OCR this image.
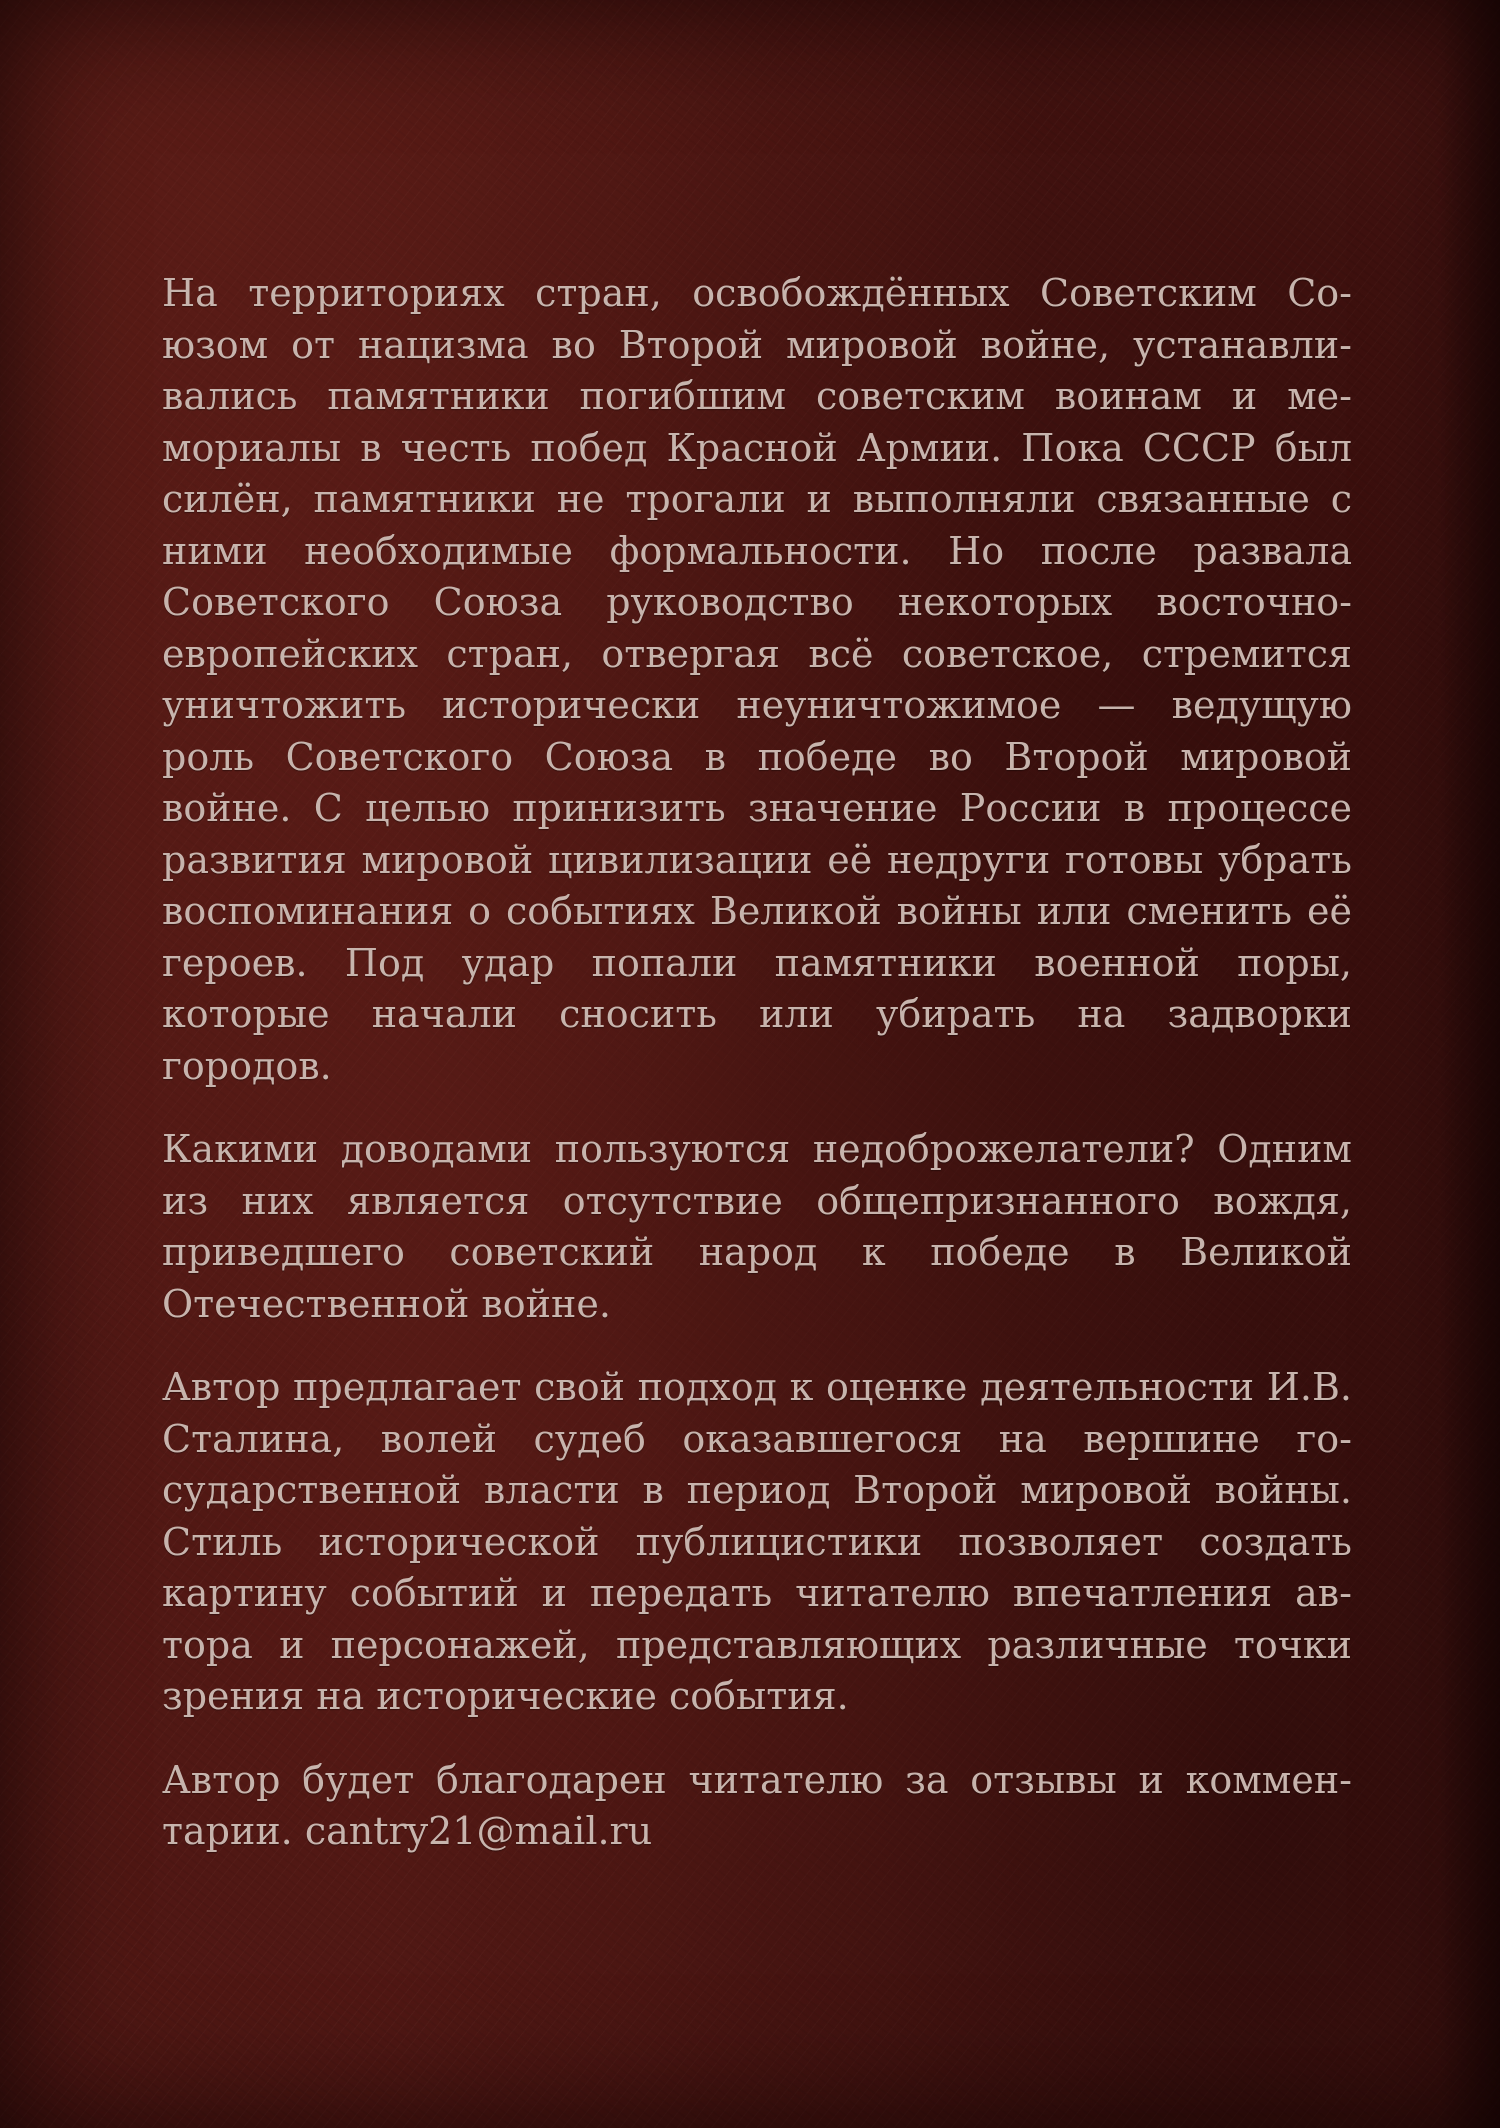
На территориях стран, освобождённых Советским Союзом от нацизма во Второй мировой войне, устанавливались памятники погибшим советским воинам и мемориалы в честь побед Красной Армии. Пока СССР был силён, памятники не трогали и выполняли связанные с ними необходимые формальности. Но после развала Советского Союза руководство некоторых восточноевропейских стран, отвергая всё советское, стремится уничтожить исторически неуничтожимое — ведущую роль Советского Союза в победе во Второй мировой войне. С целью принизить значение России в процессе развития мировой цивилизации её недруги готовы убрать воспоминания о событиях Великой войны или сменить её героев. Под удар попали памятники военной поры, которые начали сносить или убирать на задворки городов.

Какими доводами пользуются недоброжелатели? Одним из них является отсутствие общепризнанного вождя, приведшего советский народ к победе в Великой Отечественной войне.

Автор предлагает свой подход к оценке деятельности И.В. Сталина, волей судеб оказавшегося на вершине государственной власти в период Второй мировой войны. Стиль исторической публицистики позволяет создать картину событий и передать читателю впечатления автора и персонажей, представляющих различные точки зрения на исторические события.

Автор будет благодарен читателю за отзывы и комментарии. cantry21@mail.ru
